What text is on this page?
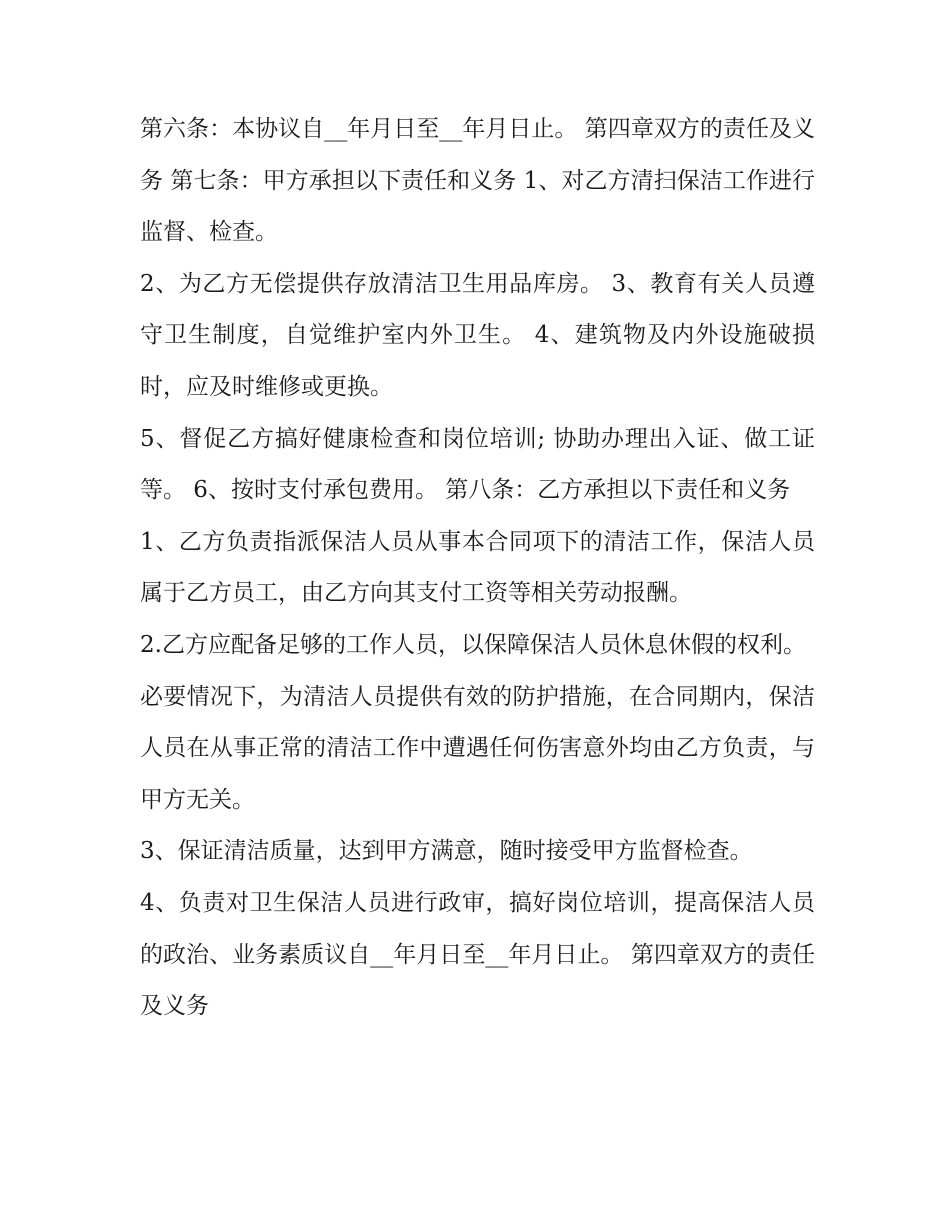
第六条：本协议自__年月日至__年月日止。 第四章双方的责任及义务 第七条：甲方承担以下责任和义务 1、对乙方清扫保洁工作进行监督、检查。

2、为乙方无偿提供存放清洁卫生用品库房。 3、教育有关人员遵守卫生制度，自觉维护室内外卫生。 4、建筑物及内外设施破损时，应及时维修或更换。

5、督促乙方搞好健康检查和岗位培训; 协助办理出入证、做工证等。 6、按时支付承包费用。 第八条：乙方承担以下责任和义务

1、乙方负责指派保洁人员从事本合同项下的清洁工作，保洁人员属于乙方员工，由乙方向其支付工资等相关劳动报酬。

2.乙方应配备足够的工作人员，以保障保洁人员休息休假的权利。

必要情况下，为清洁人员提供有效的防护措施，在合同期内，保洁人员在从事正常的清洁工作中遭遇任何伤害意外均由乙方负责，与甲方无关。

3、保证清洁质量，达到甲方满意，随时接受甲方监督检查。

4、负责对卫生保洁人员进行政审，搞好岗位培训，提高保洁人员的政治、业务素质议自__年月日至__年月日止。 第四章双方的责任及义务
